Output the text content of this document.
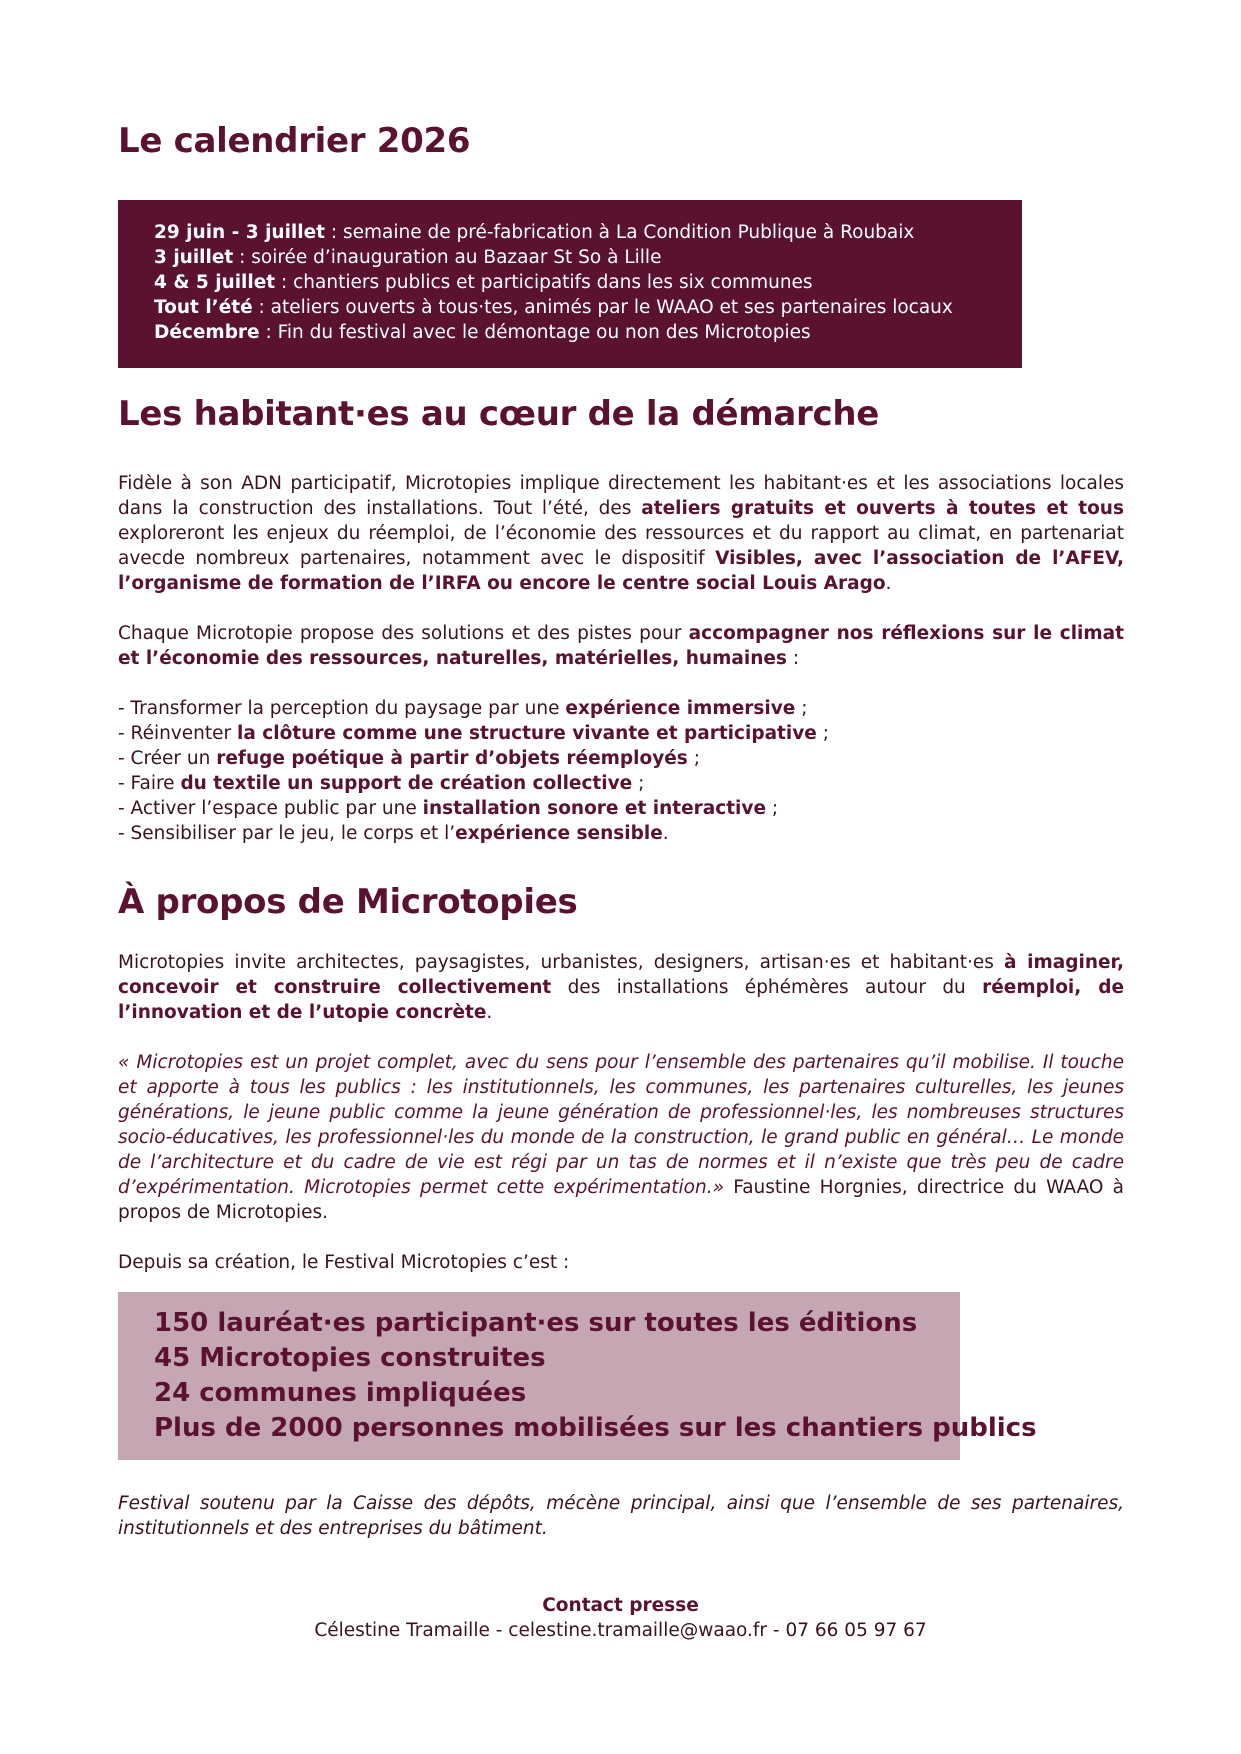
Le calendrier 2026
29 juin - 3 juillet : semaine de pré-fabrication à La Condition Publique à Roubaix
3 juillet : soirée d’inauguration au Bazaar St So à Lille
4 & 5 juillet : chantiers publics et participatifs dans les six communes
Tout l’été : ateliers ouverts à tous·tes, animés par le WAAO et ses partenaires locaux
Décembre : Fin du festival avec le démontage ou non des Microtopies
Les habitant·es au cœur de la démarche

Fidèle à son ADN participatif, Microtopies implique directement les habitant·es et les associations locales dans la construction des installations. Tout l’été, des ateliers gratuits et ouverts à toutes et tous exploreront les enjeux du réemploi, de l’économie des ressources et du rapport au climat, en partenariat avecde nombreux partenaires, notamment avec le dispositif Visibles, avec l’association de l’AFEV, l’organisme de formation de l’IRFA ou encore le centre social Louis Arago.

Chaque Microtopie propose des solutions et des pistes pour accompagner nos réflexions sur le climat et l’économie des ressources, naturelles, matérielles, humaines :

- Transformer la perception du paysage par une expérience immersive ;
- Réinventer la clôture comme une structure vivante et participative ;
- Créer un refuge poétique à partir d’objets réemployés ;
- Faire du textile un support de création collective ;
- Activer l’espace public par une installation sonore et interactive ;
- Sensibiliser par le jeu, le corps et l’expérience sensible.
À propos de Microtopies

Microtopies invite architectes, paysagistes, urbanistes, designers, artisan·es et habitant·es à imaginer, concevoir et construire collectivement des installations éphémères autour du réemploi, de l’innovation et de l’utopie concrète.

« Microtopies est un projet complet, avec du sens pour l’ensemble des partenaires qu’il mobilise. Il touche et apporte à tous les publics : les institutionnels, les communes, les partenaires culturelles, les jeunes générations, le jeune public comme la jeune génération de professionnel·les, les nombreuses structures socio-éducatives, les professionnel·les du monde de la construction, le grand public en général… Le monde de l’architecture et du cadre de vie est régi par un tas de normes et il n’existe que très peu de cadre d’expérimentation. Microtopies permet cette expérimentation.» Faustine Horgnies, directrice du WAAO à propos de Microtopies.

Depuis sa création, le Festival Microtopies c’est :

150 lauréat·es participant·es sur toutes les éditions
45 Microtopies construites
24 communes impliquées
Plus de 2000 personnes mobilisées sur les chantiers publics

Festival soutenu par la Caisse des dépôts, mécène principal, ainsi que l’ensemble de ses partenaires, institutionnels et des entreprises du bâtiment.

Contact presse
Célestine Tramaille - celestine.tramaille@waao.fr - 07 66 05 97 67
